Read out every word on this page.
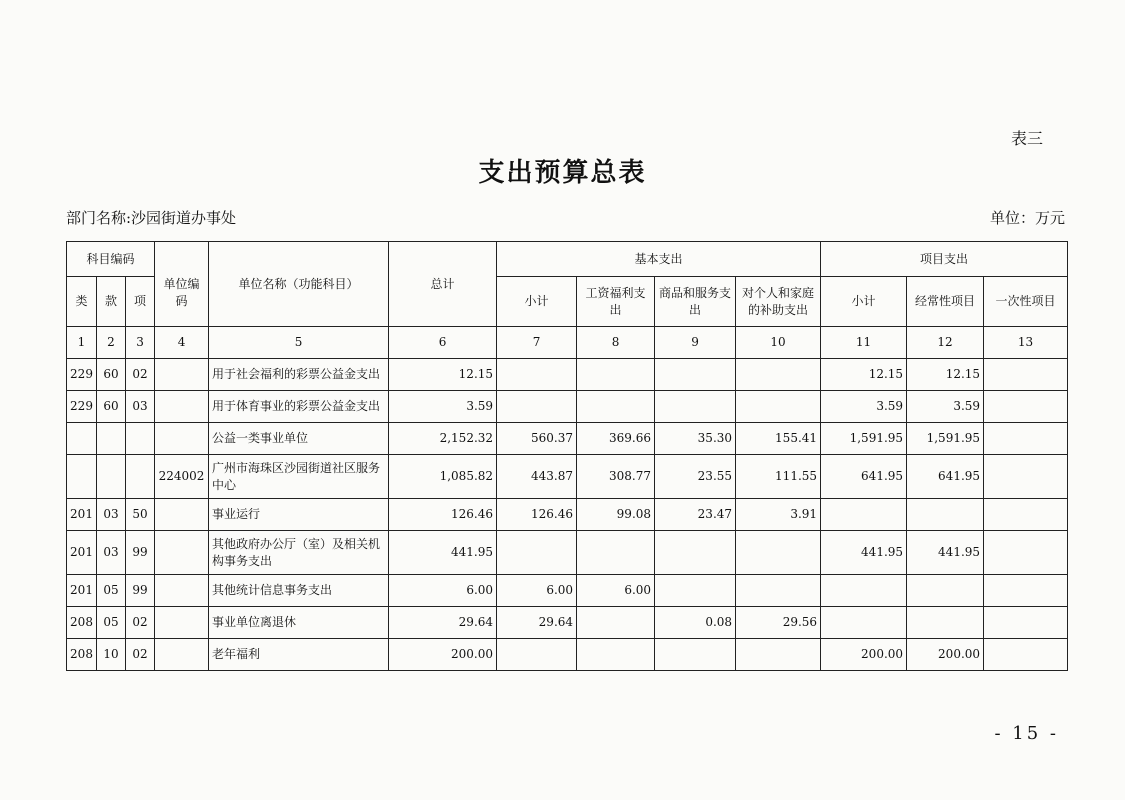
表三
支出预算总表
部门名称:沙园街道办事处	单位：万元
科目编码			单位编码	单位名称（功能科目）	总计	基本支出				项目支出		
类	款	项				小计	工资福利支出	商品和服务支出	对个人和家庭的补助支出	小计	经常性项目	一次性项目
1	2	3	4	5	6	7	8	9	10	11	12	13
229	60	02		用于社会福利的彩票公益金支出	12.15					12.15	12.15	
229	60	03		用于体育事业的彩票公益金支出	3.59					3.59	3.59	
				公益一类事业单位	2,152.32	560.37	369.66	35.30	155.41	1,591.95	1,591.95	
			224002	广州市海珠区沙园街道社区服务中心	1,085.82	443.87	308.77	23.55	111.55	641.95	641.95	
201	03	50		事业运行	126.46	126.46	99.08	23.47	3.91			
201	03	99		其他政府办公厅（室）及相关机构事务支出	441.95					441.95	441.95	
201	05	99		其他统计信息事务支出	6.00	6.00	6.00					
208	05	02		事业单位离退休	29.64	29.64		0.08	29.56			
208	10	02		老年福利	200.00					200.00	200.00	
- 15 -
